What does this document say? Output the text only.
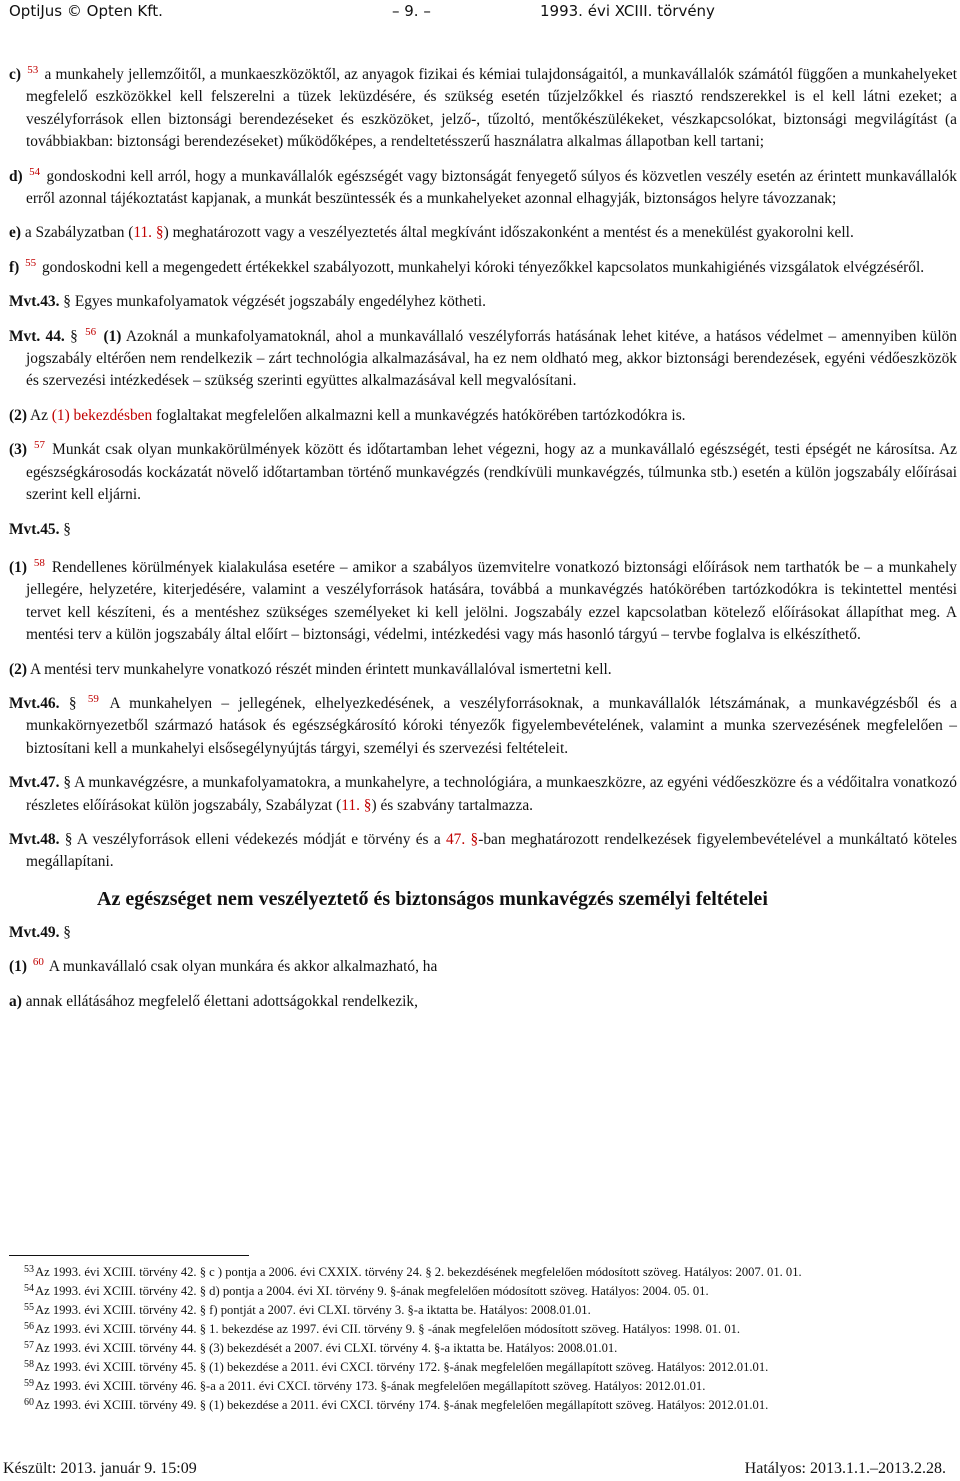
OptiJus © Opten Kft.	– 9. –	1993. évi XCIII. törvény

c) $^{53}$ a munkahely jellemzőitől, a munkaeszközöktől, az anyagok fizikai és kémiai tulajdonságaitól, a munkavállalók számától függően a munkahelyeket megfelelő eszközökkel kell felszerelni a tüzek leküzdésére, és szükség esetén tűzjelzőkkel és riasztó rendszerekkel is el kell látni ezeket; a veszélyforrások ellen biztonsági berendezéseket és eszközöket, jelző-, tűzoltó, mentőkészülékeket, vészkapcsolókat, biztonsági megvilágítást (a továbbiakban: biztonsági berendezéseket) működőképes, a rendeltetésszerű használatra alkalmas állapotban kell tartani;

d) $^{54}$ gondoskodni kell arról, hogy a munkavállalók egészségét vagy biztonságát fenyegető súlyos és közvetlen veszély esetén az érintett munkavállalók erről azonnal tájékoztatást kapjanak, a munkát beszüntessék és a munkahelyeket azonnal elhagyják, biztonságos helyre távozzanak;

e) a Szabályzatban (11. §) meghatározott vagy a veszélyeztetés által megkívánt időszakonként a mentést és a menekülést gyakorolni kell.

f) $^{55}$ gondoskodni kell a megengedett értékekkel szabályozott, munkahelyi kóroki tényezőkkel kapcsolatos munkahigiénés vizsgálatok elvégzéséről.

Mvt.43. § Egyes munkafolyamatok végzését jogszabály engedélyhez kötheti.

Mvt. 44. § $^{56}$ (1) Azoknál a munkafolyamatoknál, ahol a munkavállaló veszélyforrás hatásának lehet kitéve, a hatásos védelmet – amennyiben külön jogszabály eltérően nem rendelkezik – zárt technológia alkalmazásával, ha ez nem oldható meg, akkor biztonsági berendezések, egyéni védőeszközök és szervezési intézkedések – szükség szerinti együttes alkalmazásával kell megvalósítani.

(2) Az (1) bekezdésben foglaltakat megfelelően alkalmazni kell a munkavégzés hatókörében tartózkodókra is.

(3) $^{57}$ Munkát csak olyan munkakörülmények között és időtartamban lehet végezni, hogy az a munkavállaló egészségét, testi épségét ne károsítsa. Az egészségkárosodás kockázatát növelő időtartamban történő munkavégzés (rendkívüli munkavégzés, túlmunka stb.) esetén a külön jogszabály előírásai szerint kell eljárni.

Mvt.45. §

(1) $^{58}$ Rendellenes körülmények kialakulása esetére – amikor a szabályos üzemvitelre vonatkozó biztonsági előírások nem tarthatók be – a munkahely jellegére, helyzetére, kiterjedésére, valamint a veszélyforrások hatására, továbbá a munkavégzés hatókörében tartózkodókra is tekintettel mentési tervet kell készíteni, és a mentéshez szükséges személyeket ki kell jelölni. Jogszabály ezzel kapcsolatban kötelező előírásokat állapíthat meg. A mentési terv a külön jogszabály által előírt – biztonsági, védelmi, intézkedési vagy más hasonló tárgyú – tervbe foglalva is elkészíthető.

(2) A mentési terv munkahelyre vonatkozó részét minden érintett munkavállalóval ismertetni kell.

Mvt.46. § $^{59}$ A munkahelyen – jellegének, elhelyezkedésének, a veszélyforrásoknak, a munkavállalók létszámának, a munkavégzésből és a munkakörnyezetből származó hatások és egészségkárosító kóroki tényezők figyelembevételének, valamint a munka szervezésének megfelelően – biztosítani kell a munkahelyi elsősegélynyújtás tárgyi, személyi és szervezési feltételeit.

Mvt.47. § A munkavégzésre, a munkafolyamatokra, a munkahelyre, a technológiára, a munkaeszközre, az egyéni védőeszközre és a védőitalra vonatkozó részletes előírásokat külön jogszabály, Szabályzat (11. §) és szabvány tartalmazza.

Mvt.48. § A veszélyforrások elleni védekezés módját e törvény és a 47. §-ban meghatározott rendelkezések figyelembevételével a munkáltató köteles megállapítani.

Az egészséget nem veszélyeztető és biztonságos munkavégzés személyi feltételei

Mvt.49. §

(1) $^{60}$ A munkavállaló csak olyan munkára és akkor alkalmazható, ha

a) annak ellátásához megfelelő élettani adottságokkal rendelkezik,

$^{53}$Az 1993. évi XCIII. törvény 42. § c ) pontja a 2006. évi CXXIX. törvény 24. § 2. bekezdésének megfelelően módosított szöveg. Hatályos: 2007. 01. 01.
$^{54}$Az 1993. évi XCIII. törvény 42. § d) pontja a 2004. évi XI. törvény 9. §-ának megfelelően módosított szöveg. Hatályos: 2004. 05. 01.
$^{55}$Az 1993. évi XCIII. törvény 42. § f) pontját a 2007. évi CLXI. törvény 3. §-a iktatta be. Hatályos: 2008.01.01.
$^{56}$Az 1993. évi XCIII. törvény 44. § 1. bekezdése az 1997. évi CII. törvény 9. § -ának megfelelően módosított szöveg. Hatályos: 1998. 01. 01.
$^{57}$Az 1993. évi XCIII. törvény 44. § (3) bekezdését a 2007. évi CLXI. törvény 4. §-a iktatta be. Hatályos: 2008.01.01.
$^{58}$Az 1993. évi XCIII. törvény 45. § (1) bekezdése a 2011. évi CXCI. törvény 172. §-ának megfelelően megállapított szöveg. Hatályos: 2012.01.01.
$^{59}$Az 1993. évi XCIII. törvény 46. §-a a 2011. évi CXCI. törvény 173. §-ának megfelelően megállapított szöveg. Hatályos: 2012.01.01.
$^{60}$Az 1993. évi XCIII. törvény 49. § (1) bekezdése a 2011. évi CXCI. törvény 174. §-ának megfelelően megállapított szöveg. Hatályos: 2012.01.01.
Készült: 2013. január 9. 15:09	Hatályos: 2013.1.1.–2013.2.28.
